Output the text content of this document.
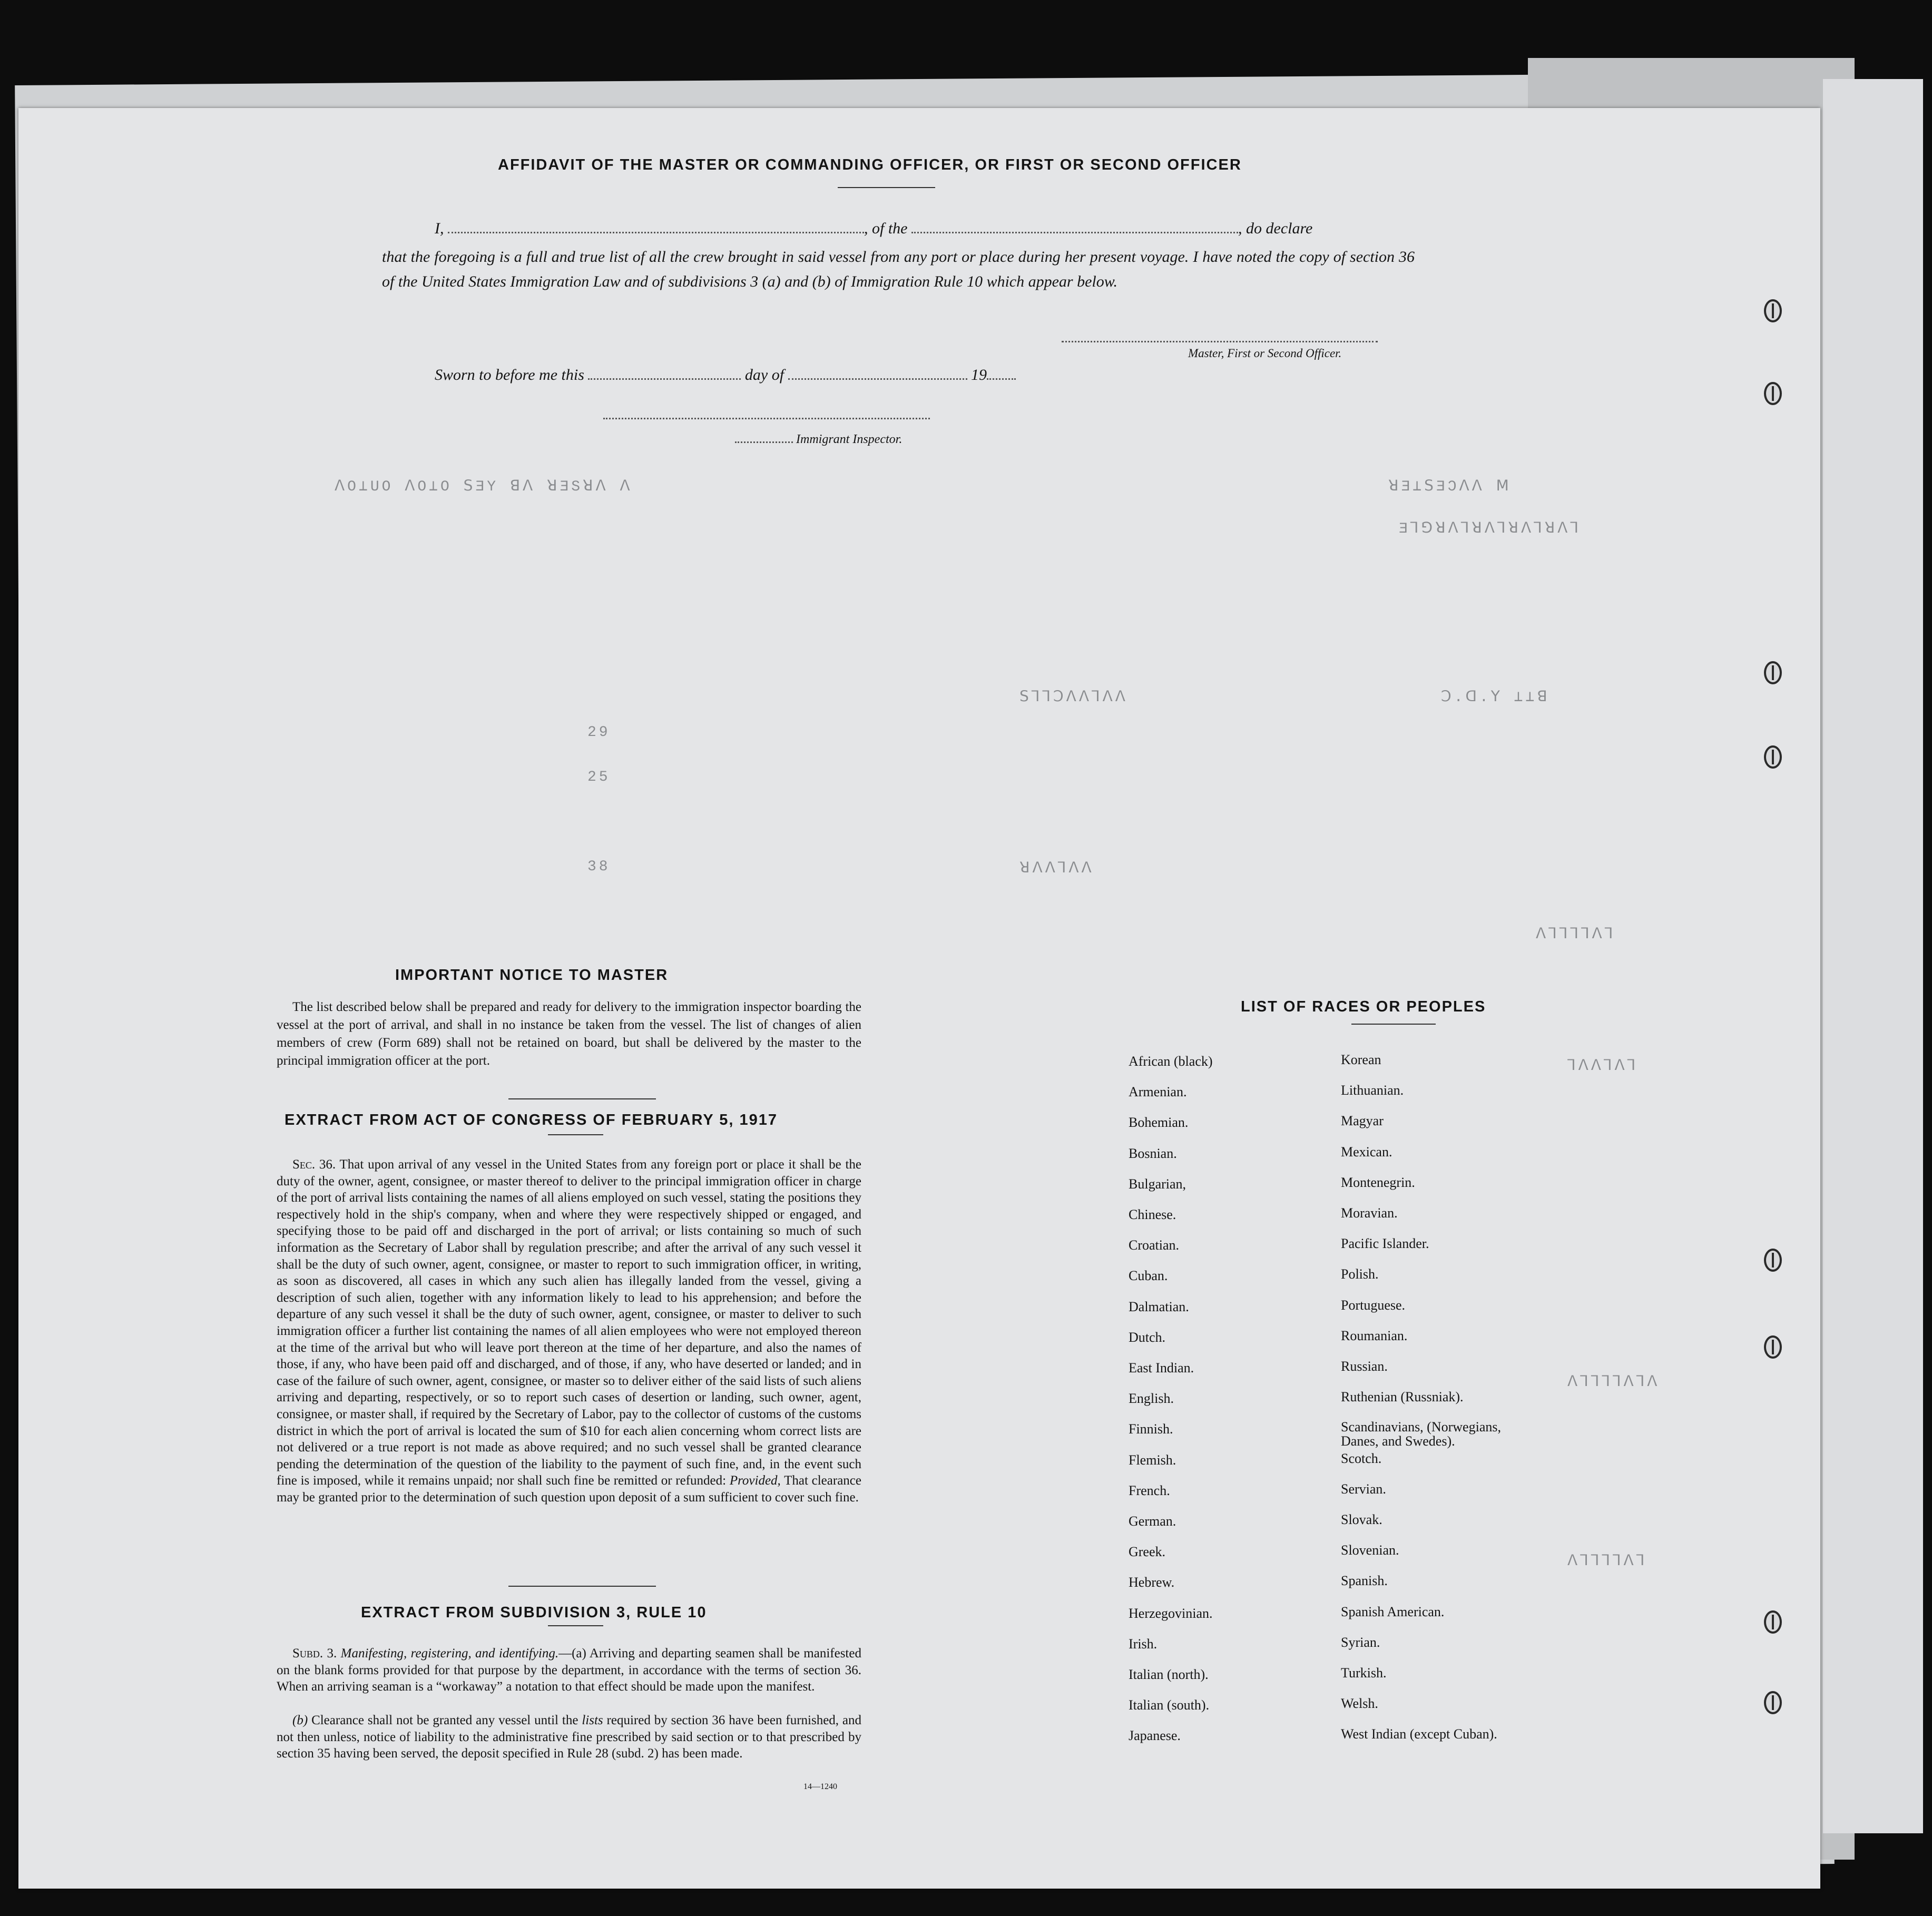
AFFIDAVIT OF THE MASTER OR COMMANDING OFFICER, OR FIRST OR SECOND OFFICER
I,	, of the	, do declare
that the foregoing is a full and true list of all the crew brought in said vessel from any port or place during her present voyage. I have noted the copy of section 36 of the United States Immigration Law and of subdivisions 3 (a) and (b) of Immigration Rule 10 which appear below.
Master, First or Second Officer.
Sworn to before me this	day of	19
Immigrant Inspector.
ꓥO⊥UO ꓥO⊥O ꓢƎY ꓭꓥ ꓤƎSꓤꓥ ꓥ	ꓤƎ⊥ꓢƎƆꓥꓥ ꓟ
Ǝꓶꓨꓤꓥꓶꓤꓥꓶꓤꓥꓶꓤꓥꓶ
ꓛ.ꓷ.ꓬ ⊥⊥ꓭ
ꓢꓶꓶꓛꓥꓥꓶꓥꓥ
29
25
38	ꓤꓥꓥꓶꓥꓥ
ꓥꓶꓶꓶꓶꓥꓶ
ꓶꓥꓥꓶꓥꓶ
ꓥꓶꓶꓶꓶꓥꓶꓥ
ꓥꓶꓶꓶꓶꓥꓶ
IMPORTANT NOTICE TO MASTER
The list described below shall be prepared and ready for delivery to the immigration inspector boarding the vessel at the port of arrival, and shall in no instance be taken from the vessel. The list of changes of alien members of crew (Form 689) shall not be retained on board, but shall be delivered by the master to the principal immigration officer at the port.
EXTRACT FROM ACT OF CONGRESS OF FEBRUARY 5, 1917
Sec. 36. That upon arrival of any vessel in the United States from any foreign port or place it shall be the duty of the owner, agent, consignee, or master thereof to deliver to the principal immigration officer in charge of the port of arrival lists containing the names of all aliens employed on such vessel, stating the positions they respectively hold in the ship's company, when and where they were respectively shipped or engaged, and specifying those to be paid off and discharged in the port of arrival; or lists containing so much of such information as the Secretary of Labor shall by regulation prescribe; and after the arrival of any such vessel it shall be the duty of such owner, agent, consignee, or master to report to such immigration officer, in writing, as soon as discovered, all cases in which any such alien has illegally landed from the vessel, giving a description of such alien, together with any information likely to lead to his apprehension; and before the departure of any such vessel it shall be the duty of such owner, agent, consignee, or master to deliver to such immigration officer a further list containing the names of all alien employees who were not employed thereon at the time of the arrival but who will leave port thereon at the time of her departure, and also the names of those, if any, who have been paid off and discharged, and of those, if any, who have deserted or landed; and in case of the failure of such owner, agent, consignee, or master so to deliver either of the said lists of such aliens arriving and departing, respectively, or so to report such cases of desertion or landing, such owner, agent, consignee, or master shall, if required by the Secretary of Labor, pay to the collector of customs of the customs district in which the port of arrival is located the sum of $10 for each alien concerning whom correct lists are not delivered or a true report is not made as above required; and no such vessel shall be granted clearance pending the determination of the question of the liability to the payment of such fine, and, in the event such fine is imposed, while it remains unpaid; nor shall such fine be remitted or refunded: Provided, That clearance may be granted prior to the determination of such question upon deposit of a sum sufficient to cover such fine.
EXTRACT FROM SUBDIVISION 3, RULE 10
Subd. 3. Manifesting, registering, and identifying.—(a) Arriving and departing seamen shall be manifested on the blank forms provided for that purpose by the department, in accordance with the terms of section 36. When an arriving seaman is a “workaway” a notation to that effect should be made upon the manifest.
(b) Clearance shall not be granted any vessel until the lists required by section 36 have been furnished, and not then unless, notice of liability to the administrative fine prescribed by said section or to that prescribed by section 35 having been served, the deposit specified in Rule 28 (subd. 2) has been made.
14—1240
LIST OF RACES OR PEOPLES
African (black)
Armenian.
Bohemian.
Bosnian.
Bulgarian,
Chinese.
Croatian.
Cuban.
Dalmatian.
Dutch.
East Indian.
English.
Finnish.
Flemish.
French.
German.
Greek.
Hebrew.
Herzegovinian.
Irish.
Italian (north).
Italian (south).
Japanese.
Korean
Lithuanian.
Magyar
Mexican.
Montenegrin.
Moravian.
Pacific Islander.
Polish.
Portuguese.
Roumanian.
Russian.
Ruthenian (Russniak).
Scandinavians, (Norwegians, Danes, and Swedes).
Scotch.
Servian.
Slovak.
Slovenian.
Spanish.
Spanish American.
Syrian.
Turkish.
Welsh.
West Indian (except Cuban).
